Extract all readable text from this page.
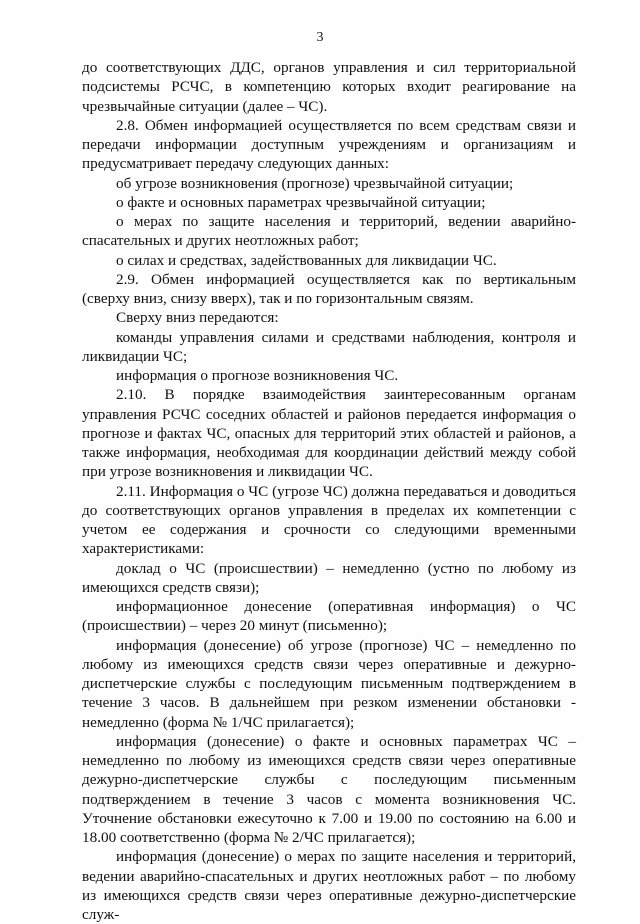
3

до соответствующих ДДС, органов управления и сил территориальной подсистемы РСЧС, в компетенцию которых входит реагирование на чрезвычайные ситуации (далее – ЧС).

2.8. Обмен информацией осуществляется по всем средствам связи и передачи информации доступным учреждениям и организациям и предусматривает передачу следующих данных:

об угрозе возникновения (прогнозе) чрезвычайной ситуации;

о факте и основных параметрах чрезвычайной ситуации;

о мерах по защите населения и территорий, ведении аварийно-спасательных и других неотложных работ;

о силах и средствах, задействованных для ликвидации ЧС.

2.9. Обмен информацией осуществляется как по вертикальным (сверху вниз, снизу вверх), так и по горизонтальным связям.

Сверху вниз передаются:

команды управления силами и средствами наблюдения, контроля и ликвидации ЧС;

информация о прогнозе возникновения ЧС.

2.10. В порядке взаимодействия заинтересованным органам управления РСЧС соседних областей и районов передается информация о прогнозе и фактах ЧС, опасных для территорий этих областей и районов, а также информация, необходимая для координации действий между собой при угрозе возникновения и ликвидации ЧС.

2.11. Информация о ЧС (угрозе ЧС) должна передаваться и доводиться до соответствующих органов управления в пределах их компетенции с учетом ее содержания и срочности со следующими временными характеристиками:

доклад о ЧС (происшествии) – немедленно (устно по любому из имеющихся средств связи);

информационное донесение (оперативная информация) о ЧС (происшествии) – через 20 минут (письменно);

информация (донесение) об угрозе (прогнозе) ЧС – немедленно по любому из имеющихся средств связи через оперативные и дежурно-диспетчерские службы с последующим письменным подтверждением в течение 3 часов. В дальнейшем при резком изменении обстановки - немедленно (форма № 1/ЧС прилагается);

информация (донесение) о факте и основных параметрах ЧС – немедленно по любому из имеющихся средств связи через оперативные дежурно-диспетчерские службы с последующим письменным подтверждением в течение 3 часов с момента возникновения ЧС. Уточнение обстановки ежесуточно к 7.00 и 19.00 по состоянию на 6.00 и 18.00 соответственно (форма № 2/ЧС прилагается);

информация (донесение) о мерах по защите населения и территорий, ведении аварийно-спасательных и других неотложных работ – по любому из имеющихся средств связи через оперативные дежурно-диспетчерские служ-
